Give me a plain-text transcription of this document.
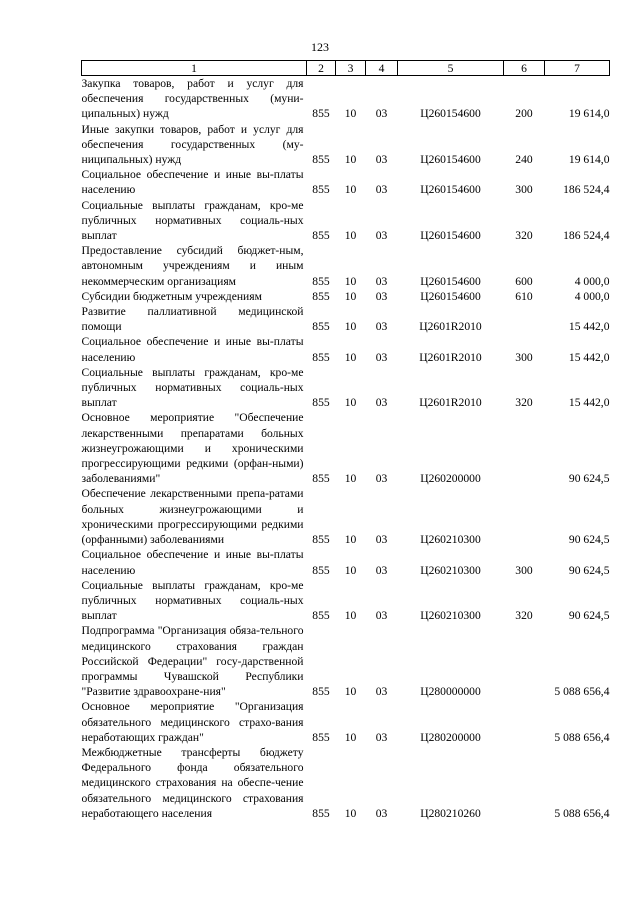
123
1	2	3	4	5	6	7
Закупка товаров, работ и услуг для обеспечения государственных (муни-ципальных) нужд	855	10	03	Ц260154600	200	19 614,0
Иные закупки товаров, работ и услуг для обеспечения государственных (му-ниципальных) нужд	855	10	03	Ц260154600	240	19 614,0
Социальное обеспечение и иные вы-платы населению	855	10	03	Ц260154600	300	186 524,4
Социальные выплаты гражданам, кро-ме публичных нормативных социаль-ных выплат	855	10	03	Ц260154600	320	186 524,4
Предоставление субсидий бюджет-ным, автономным учреждениям и иным некоммерческим организациям	855	10	03	Ц260154600	600	4 000,0
Субсидии бюджетным учреждениям	855	10	03	Ц260154600	610	4 000,0
Развитие паллиативной медицинской помощи	855	10	03	Ц2601R2010		15 442,0
Социальное обеспечение и иные вы-платы населению	855	10	03	Ц2601R2010	300	15 442,0
Социальные выплаты гражданам, кро-ме публичных нормативных социаль-ных выплат	855	10	03	Ц2601R2010	320	15 442,0
Основное мероприятие "Обеспечение лекарственными препаратами больных жизнеугрожающими и хроническими прогрессирующими редкими (орфан-ными) заболеваниями"	855	10	03	Ц260200000		90 624,5
Обеспечение лекарственными препа-ратами больных жизнеугрожающими и хроническими прогрессирующими редкими (орфанными) заболеваниями	855	10	03	Ц260210300		90 624,5
Социальное обеспечение и иные вы-платы населению	855	10	03	Ц260210300	300	90 624,5
Социальные выплаты гражданам, кро-ме публичных нормативных социаль-ных выплат	855	10	03	Ц260210300	320	90 624,5
Подпрограмма "Организация обяза-тельного медицинского страхования граждан Российской Федерации" госу-дарственной программы Чувашской Республики "Развитие здравоохране-ния"	855	10	03	Ц280000000		5 088 656,4
Основное мероприятие "Организация обязательного медицинского страхо-вания неработающих граждан"	855	10	03	Ц280200000		5 088 656,4
Межбюджетные трансферты бюджету Федерального фонда обязательного медицинского страхования на обеспе-чение обязательного медицинского страхования неработающего населения	855	10	03	Ц280210260		5 088 656,4
